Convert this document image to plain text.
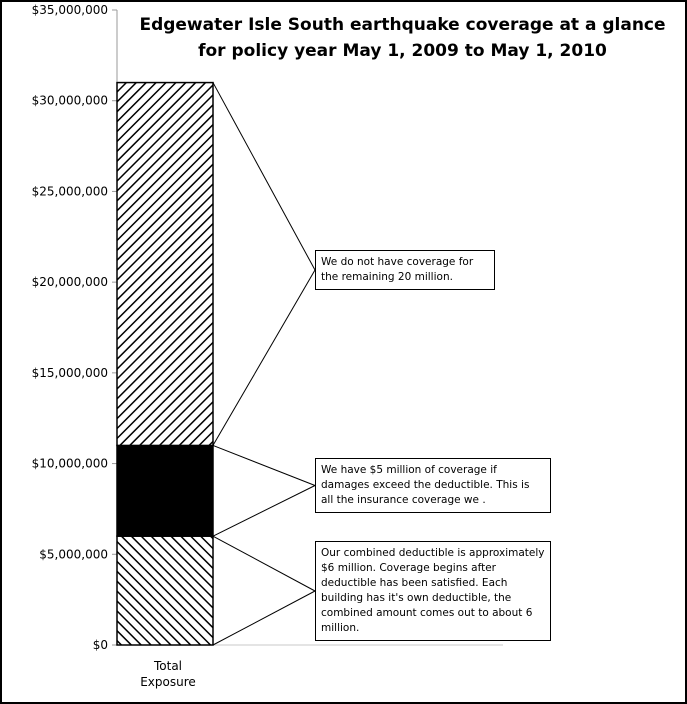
Edgewater Isle South earthquake coverage at a glance
for policy year May 1, 2009 to May 1, 2010
$0
$5,000,000
$10,000,000
$15,000,000
$20,000,000
$25,000,000
$30,000,000
$35,000,000
We do not have coverage for the remaining 20 million.
We have $5 million of coverage if damages exceed the deductible. This is all the insurance coverage we .
Our combined deductible is approximately $6 million. Coverage begins after deductible has been satisfied. Each building has it's own deductible, the combined amount comes out to about 6 million.
Total
Exposure
